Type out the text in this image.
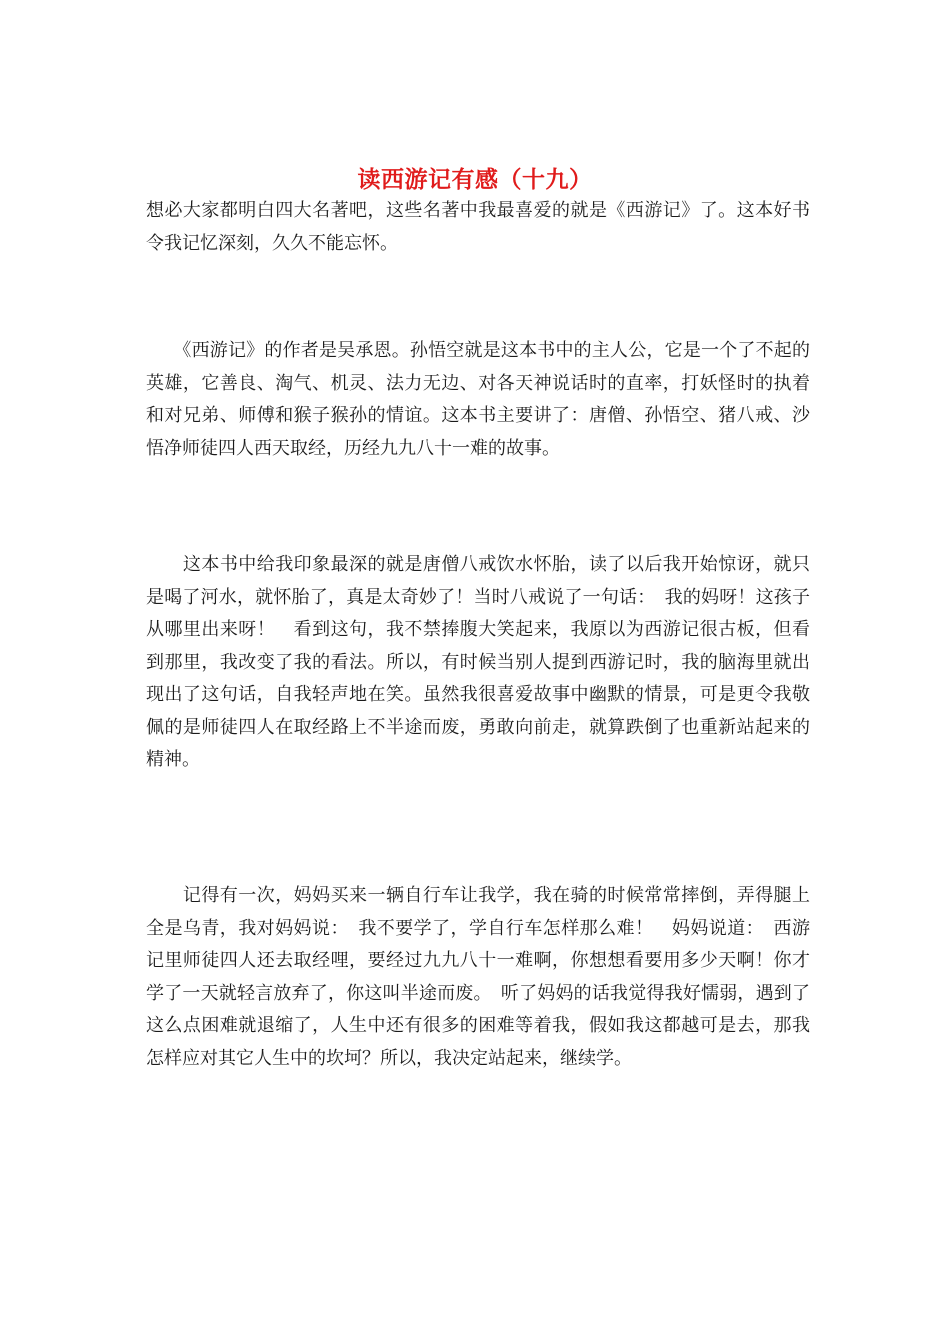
读西游记有感（十九）

想必大家都明白四大名著吧，这些名著中我最喜爱的就是《西游记》了。这本好书令我记忆深刻，久久不能忘怀。

　　《西游记》的作者是吴承恩。孙悟空就是这本书中的主人公，它是一个了不起的英雄，它善良、淘气、机灵、法力无边、对各天神说话时的直率，打妖怪时的执着和对兄弟、师傅和猴子猴孙的情谊。这本书主要讲了：唐僧、孙悟空、猪八戒、沙悟净师徒四人西天取经，历经九九八十一难的故事。

　　这本书中给我印象最深的就是唐僧八戒饮水怀胎，读了以后我开始惊讶，就只是喝了河水，就怀胎了，真是太奇妙了！当时八戒说了一句话：　我的妈呀！这孩子从哪里出来呀！　看到这句，我不禁捧腹大笑起来，我原以为西游记很古板，但看到那里，我改变了我的看法。所以，有时候当别人提到西游记时，我的脑海里就出现出了这句话，自我轻声地在笑。虽然我很喜爱故事中幽默的情景，可是更令我敬佩的是师徒四人在取经路上不半途而废，勇敢向前走，就算跌倒了也重新站起来的精神。

　　记得有一次，妈妈买来一辆自行车让我学，我在骑的时候常常摔倒，弄得腿上全是乌青，我对妈妈说：　我不要学了，学自行车怎样那么难！　妈妈说道：　西游记里师徒四人还去取经哩，要经过九九八十一难啊，你想想看要用多少天啊！你才学了一天就轻言放弃了，你这叫半途而废。　听了妈妈的话我觉得我好懦弱，遇到了这么点困难就退缩了，人生中还有很多的困难等着我，假如我这都越可是去，那我怎样应对其它人生中的坎坷？所以，我决定站起来，继续学。
